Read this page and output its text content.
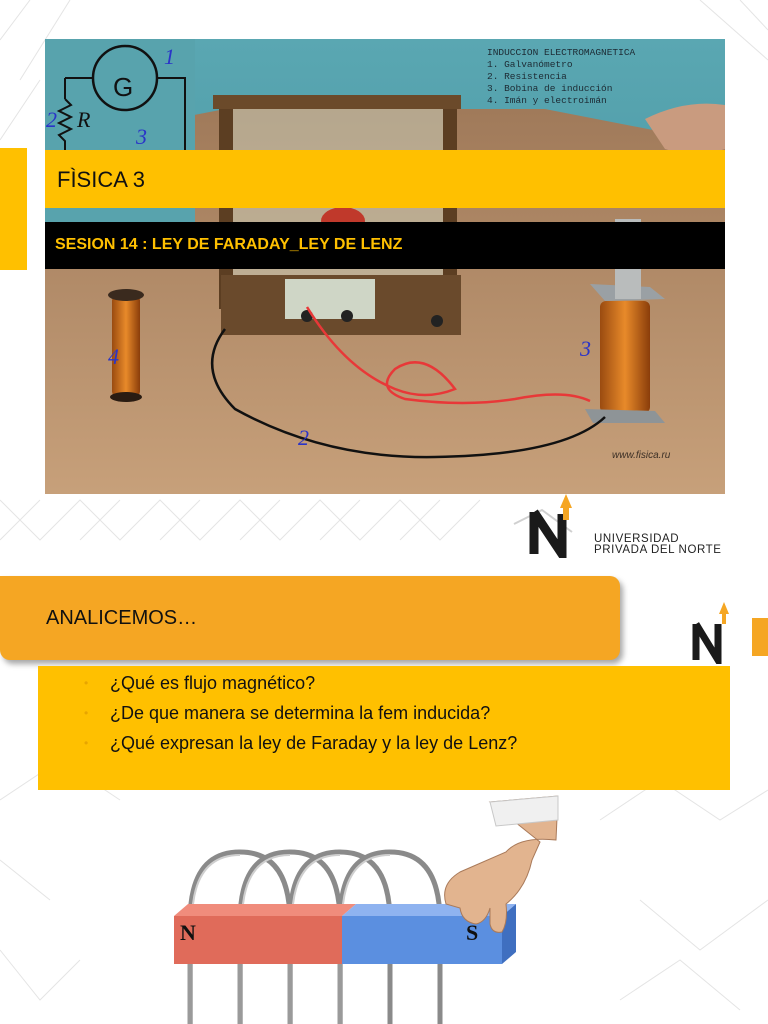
INDUCCION ELECTROMAGNETICA
1. Galvanómetro
2. Resistencia
3. Bobina de inducción
4. Imán y electroimán
G
R
1
2
3
2
3
4
FÌSICA 3
SESION 14 : LEY DE FARADAY_LEY DE LENZ
www.fisica.ru
UNIVERSIDAD
PRIVADA DEL NORTE
ANALICEMOS…
• ¿Qué es flujo magnético?
• ¿De que manera se determina la fem inducida?
• ¿Qué expresan la ley de Faraday y la ley de Lenz?
N	S
